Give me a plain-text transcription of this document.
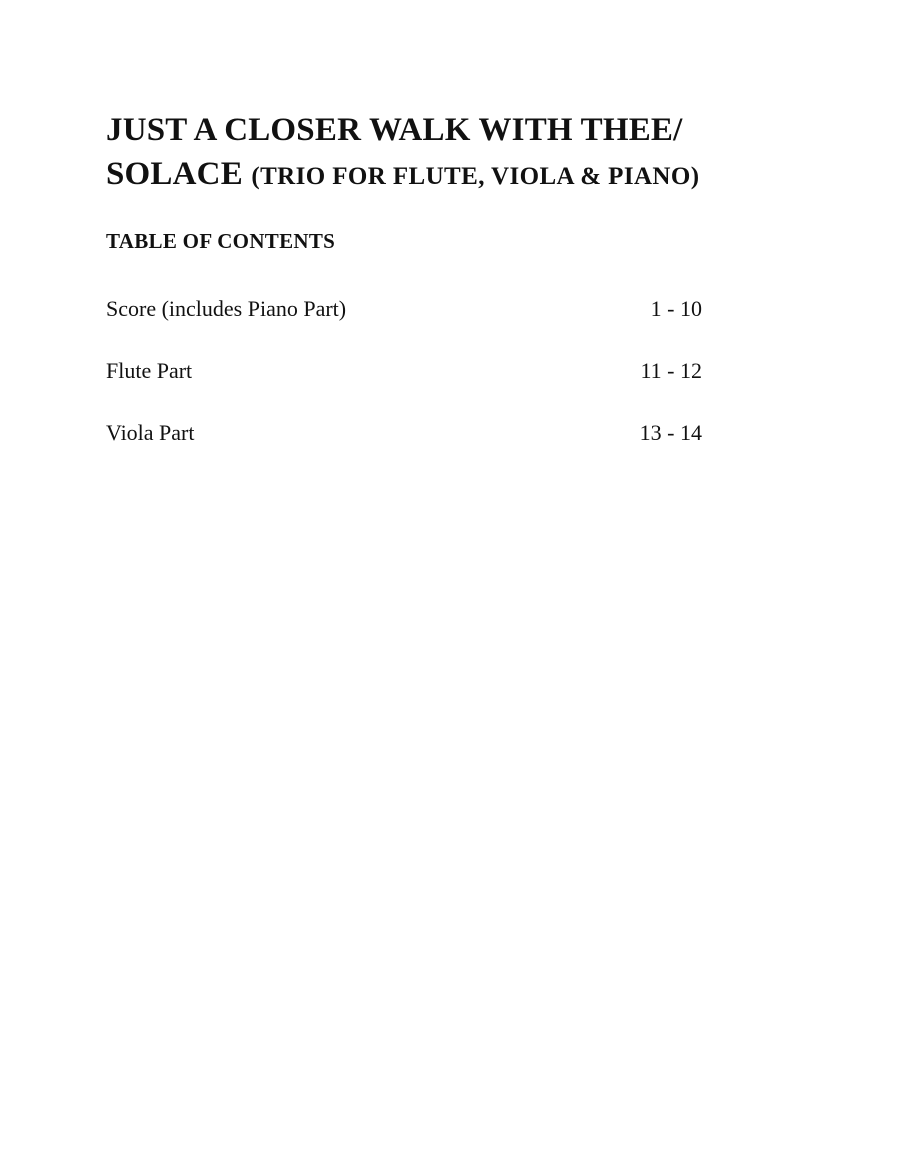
JUST A CLOSER WALK WITH THEE/
SOLACE (TRIO FOR FLUTE, VIOLA & PIANO)
TABLE OF CONTENTS
Score (includes Piano Part)	1 - 10
Flute Part	11 - 12
Viola Part	13 - 14
